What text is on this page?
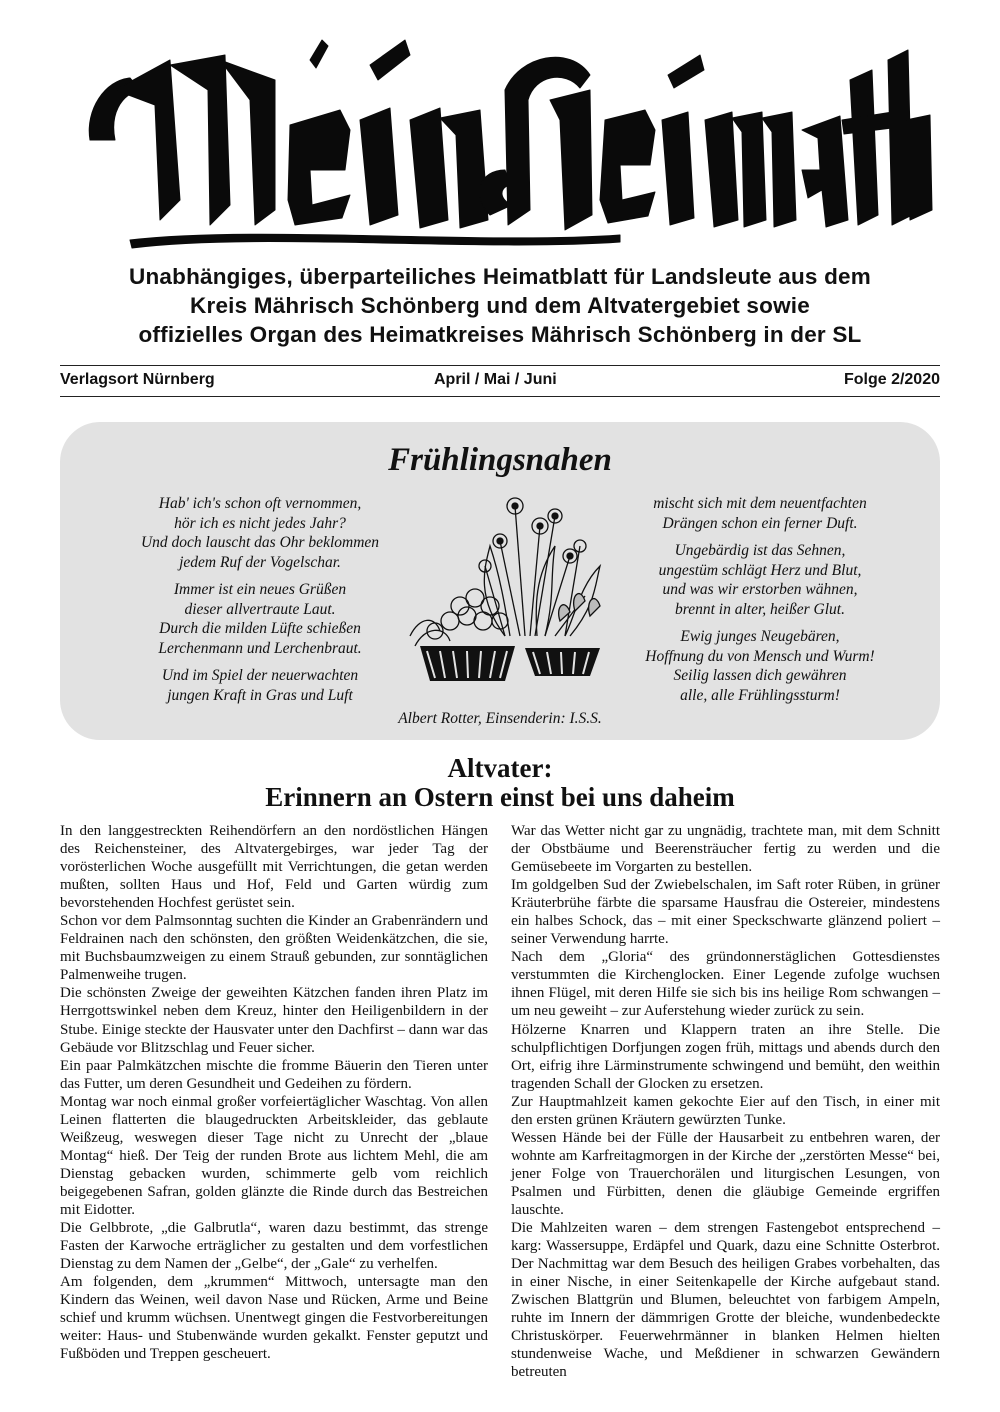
Unabhängiges, überparteiliches Heimatblatt für Landsleute aus dem
Kreis Mährisch Schönberg und dem Altvatergebiet sowie
offizielles Organ des Heimatkreises Mährisch Schönberg in der SL
Verlagsort Nürnberg	April / Mai / Juni	Folge 2/2020
Frühlingsnahen
Hab' ich's schon oft vernommen,
hör ich es nicht jedes Jahr?
Und doch lauscht das Ohr beklommen
jedem Ruf der Vogelschar.
Immer ist ein neues Grüßen
dieser allvertraute Laut.
Durch die milden Lüfte schießen
Lerchenmann und Lerchenbraut.
Und im Spiel der neuerwachten
jungen Kraft in Gras und Luft
mischt sich mit dem neuentfachten
Drängen schon ein ferner Duft.
Ungebärdig ist das Sehnen,
ungestüm schlägt Herz und Blut,
und was wir erstorben wähnen,
brennt in alter, heißer Glut.
Ewig junges Neugebären,
Hoffnung du von Mensch und Wurm!
Seilig lassen dich gewähren
alle, alle Frühlingssturm!
Albert Rotter, Einsenderin: I.S.S.
Altvater:
Erinnern an Ostern einst bei uns daheim

In den langgestreckten Reihendörfern an den nordöstlichen Hängen des Reichensteiner, des Altvatergebirges, war jeder Tag der vorösterlichen Woche ausgefüllt mit Verrichtungen, die getan werden mußten, sollten Haus und Hof, Feld und Garten würdig zum bevorstehenden Hochfest gerüstet sein.

Schon vor dem Palmsonntag suchten die Kinder an Grabenrändern und Feldrainen nach den schönsten, den größten Weidenkätzchen, die sie, mit Buchsbaumzweigen zu einem Strauß gebunden, zur sonntäglichen Palmenweihe trugen.

Die schönsten Zweige der geweihten Kätzchen fanden ihren Platz im Herrgottswinkel neben dem Kreuz, hinter den Heiligenbildern in der Stube. Einige steckte der Hausvater unter den Dachfirst – dann war das Gebäude vor Blitzschlag und Feuer sicher.

Ein paar Palmkätzchen mischte die fromme Bäuerin den Tieren unter das Futter, um deren Gesundheit und Gedeihen zu fördern.

Montag war noch einmal großer vorfeiertäglicher Waschtag. Von allen Leinen flatterten die blaugedruckten Arbeitskleider, das geblaute Weißzeug, weswegen dieser Tage nicht zu Unrecht der „blaue Montag“ hieß. Der Teig der runden Brote aus lichtem Mehl, die am Dienstag gebacken wurden, schimmerte gelb vom reichlich beigegebenen Safran, golden glänzte die Rinde durch das Bestreichen mit Eidotter.

Die Gelbbrote, „die Galbrutla“, waren dazu bestimmt, das strenge Fasten der Karwoche erträglicher zu gestalten und dem vorfestlichen Dienstag zu dem Namen der „Gelbe“, der „Gale“ zu verhelfen.

Am folgenden, dem „krummen“ Mittwoch, untersagte man den Kindern das Weinen, weil davon Nase und Rücken, Arme und Beine schief und krumm wüchsen. Unentwegt gingen die Festvorbereitungen weiter: Haus- und Stubenwände wurden gekalkt. Fenster geputzt und Fußböden und Treppen gescheuert.

War das Wetter nicht gar zu ungnädig, trachtete man, mit dem Schnitt der Obstbäume und Beerensträucher fertig zu werden und die Gemüsebeete im Vorgarten zu bestellen.

Im goldgelben Sud der Zwiebelschalen, im Saft roter Rüben, in grüner Kräuterbrühe färbte die sparsame Hausfrau die Ostereier, mindestens ein halbes Schock, das – mit einer Speckschwarte glänzend poliert – seiner Verwendung harrte.

Nach dem „Gloria“ des gründonnerstäglichen Gottesdienstes verstummten die Kirchenglocken. Einer Legende zufolge wuchsen ihnen Flügel, mit deren Hilfe sie sich bis ins heilige Rom schwangen – um neu geweiht – zur Auferstehung wieder zurück zu sein.

Hölzerne Knarren und Klappern traten an ihre Stelle. Die schulpflichtigen Dorfjungen zogen früh, mittags und abends durch den Ort, eifrig ihre Lärminstrumente schwingend und bemüht, den weithin tragenden Schall der Glocken zu ersetzen.

Zur Hauptmahlzeit kamen gekochte Eier auf den Tisch, in einer mit den ersten grünen Kräutern gewürzten Tunke.

Wessen Hände bei der Fülle der Hausarbeit zu entbehren waren, der wohnte am Karfreitagmorgen in der Kirche der „zerstörten Messe“ bei, jener Folge von Trauerchorälen und liturgischen Lesungen, von Psalmen und Fürbitten, denen die gläubige Gemeinde ergriffen lauschte.

Die Mahlzeiten waren – dem strengen Fastengebot entsprechend – karg: Wassersuppe, Erdäpfel und Quark, dazu eine Schnitte Osterbrot. Der Nachmittag war dem Besuch des heiligen Grabes vorbehalten, das in einer Nische, in einer Seitenkapelle der Kirche aufgebaut stand. Zwischen Blattgrün und Blumen, beleuchtet von farbigem Ampeln, ruhte im Innern der dämmrigen Grotte der bleiche, wundenbedeckte Christuskörper. Feuerwehrmänner in blanken Helmen hielten stundenweise Wache, und Meßdiener in schwarzen Gewändern betreuten
